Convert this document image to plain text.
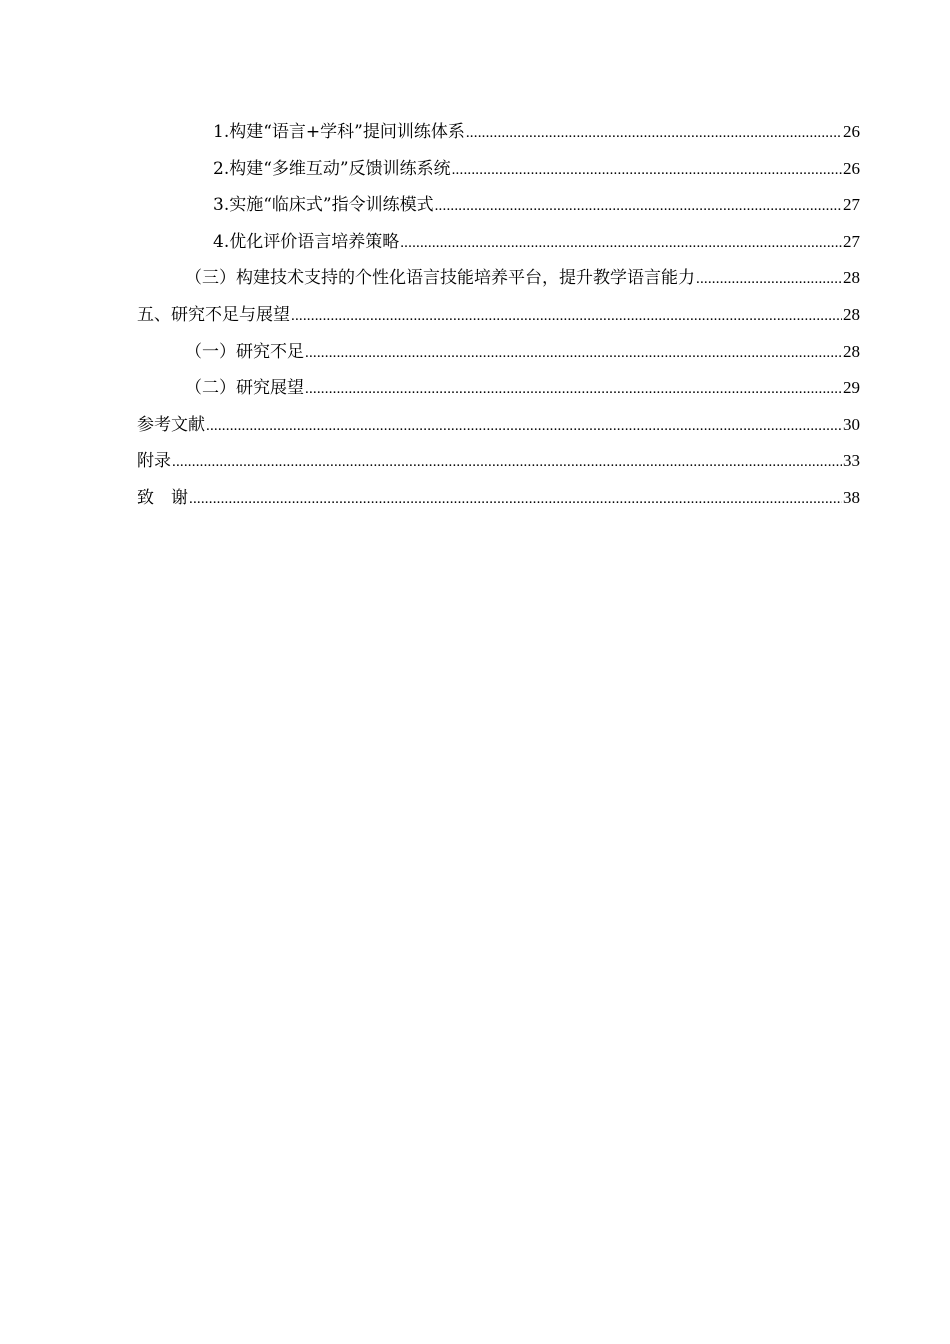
1.构建“语言+学科”提问训练体系 .....	26
2.构建“多维互动”反馈训练系统 .....	26
3.实施“临床式”指令训练模式 .....	27
4.优化评价语言培养策略 .....	27
（三）构建技术支持的个性化语言技能培养平台，提升教学语言能力 .....	28
五、研究不足与展望 .....	28
（一）研究不足 .....	28
（二）研究展望 .....	29
参考文献 .....	30
附录 .....	33
致　谢 .....	38
